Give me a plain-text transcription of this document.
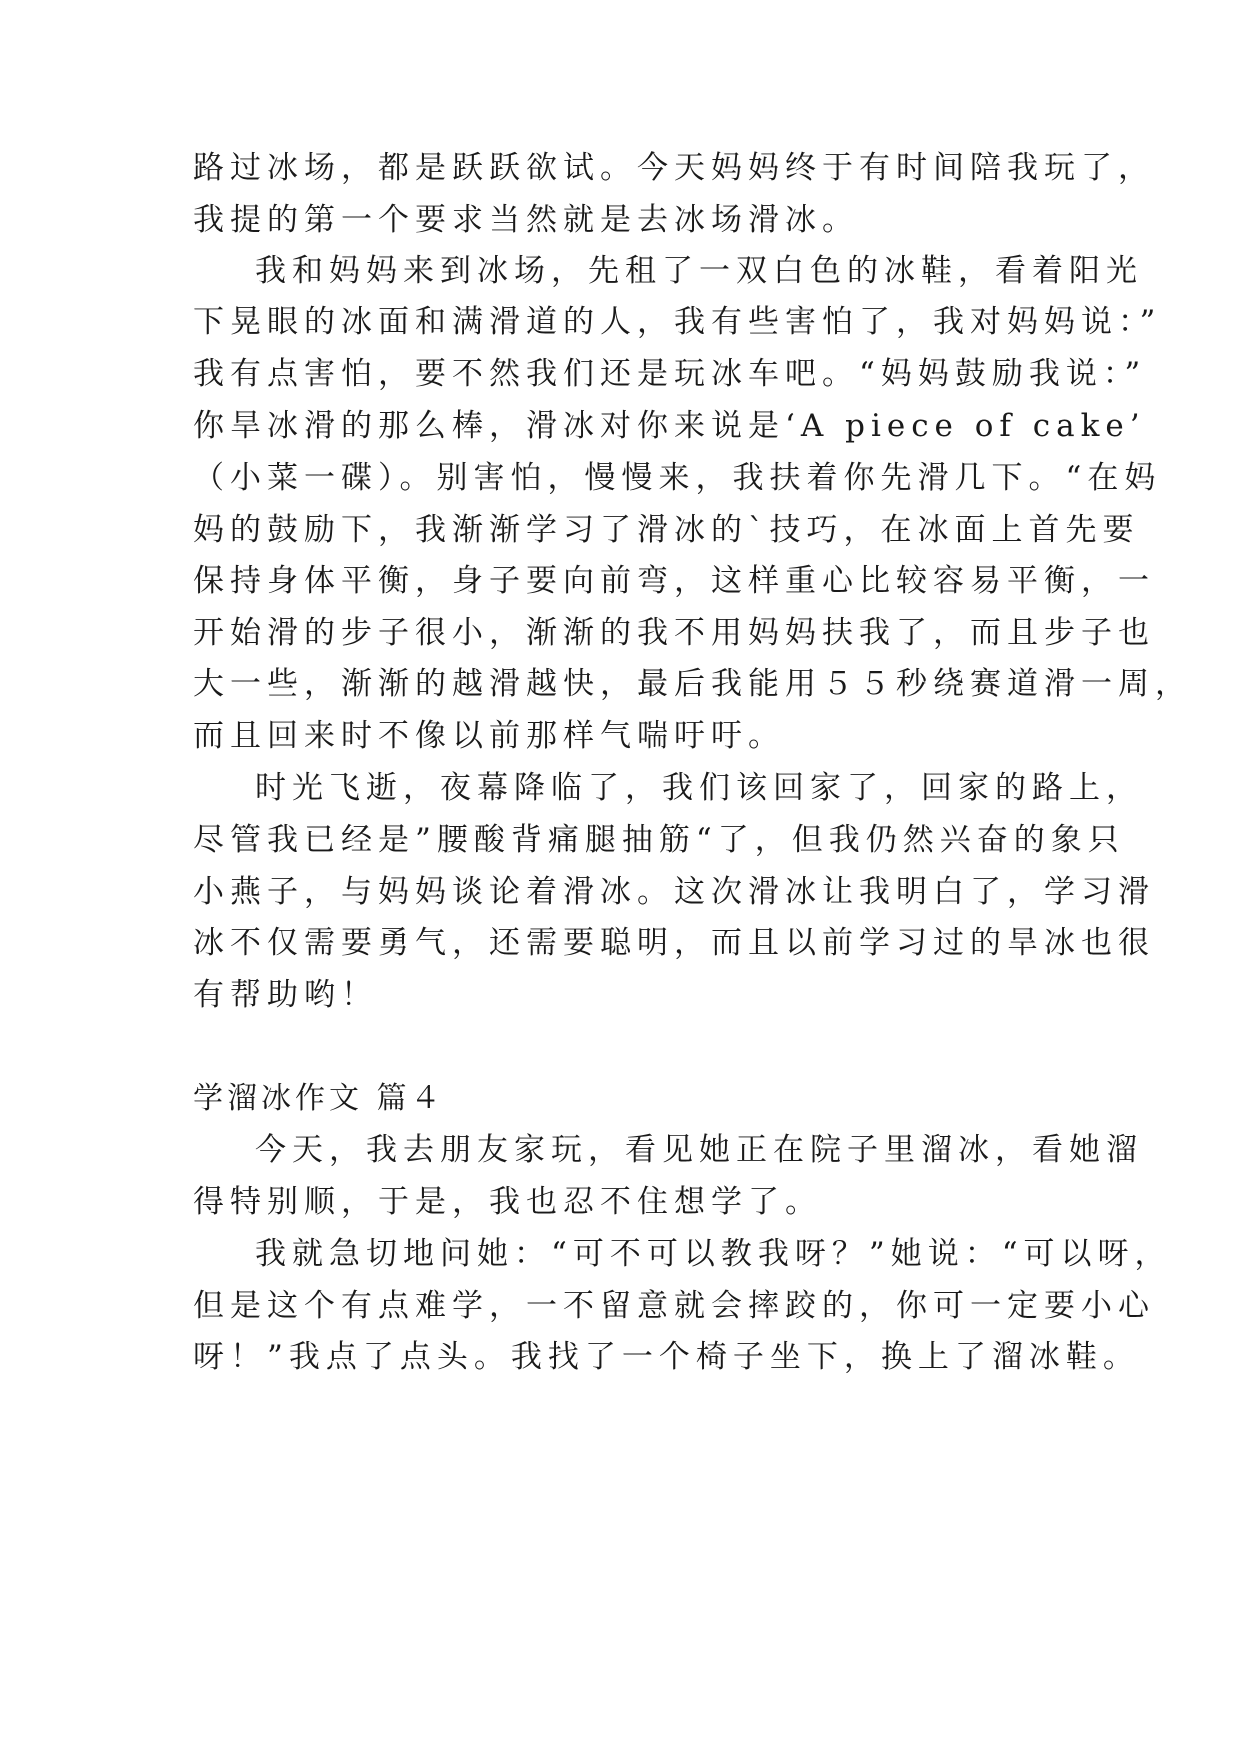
路过冰场，都是跃跃欲试。今天妈妈终于有时间陪我玩了，
我提的第一个要求当然就是去冰场滑冰。
我和妈妈来到冰场，先租了一双白色的冰鞋，看着阳光
下晃眼的冰面和满滑道的人，我有些害怕了，我对妈妈说：”
我有点害怕，要不然我们还是玩冰车吧。“妈妈鼓励我说：”
你旱冰滑的那么棒，滑冰对你来说是‘A piece of cake’
（小菜一碟）。别害怕，慢慢来，我扶着你先滑几下。“在妈
妈的鼓励下，我渐渐学习了滑冰的`技巧，在冰面上首先要
保持身体平衡，身子要向前弯，这样重心比较容易平衡，一
开始滑的步子很小，渐渐的我不用妈妈扶我了，而且步子也
大一些，渐渐的越滑越快，最后我能用５５秒绕赛道滑一周，
而且回来时不像以前那样气喘吁吁。
时光飞逝，夜幕降临了，我们该回家了，回家的路上，
尽管我已经是”腰酸背痛腿抽筋“了，但我仍然兴奋的象只
小燕子，与妈妈谈论着滑冰。这次滑冰让我明白了，学习滑
冰不仅需要勇气，还需要聪明，而且以前学习过的旱冰也很
有帮助哟！
学溜冰作文 篇４
今天，我去朋友家玩，看见她正在院子里溜冰，看她溜
得特别顺，于是，我也忍不住想学了。
我就急切地问她：“可不可以教我呀？”她说：“可以呀，
但是这个有点难学，一不留意就会摔跤的，你可一定要小心
呀！”我点了点头。我找了一个椅子坐下，换上了溜冰鞋。
